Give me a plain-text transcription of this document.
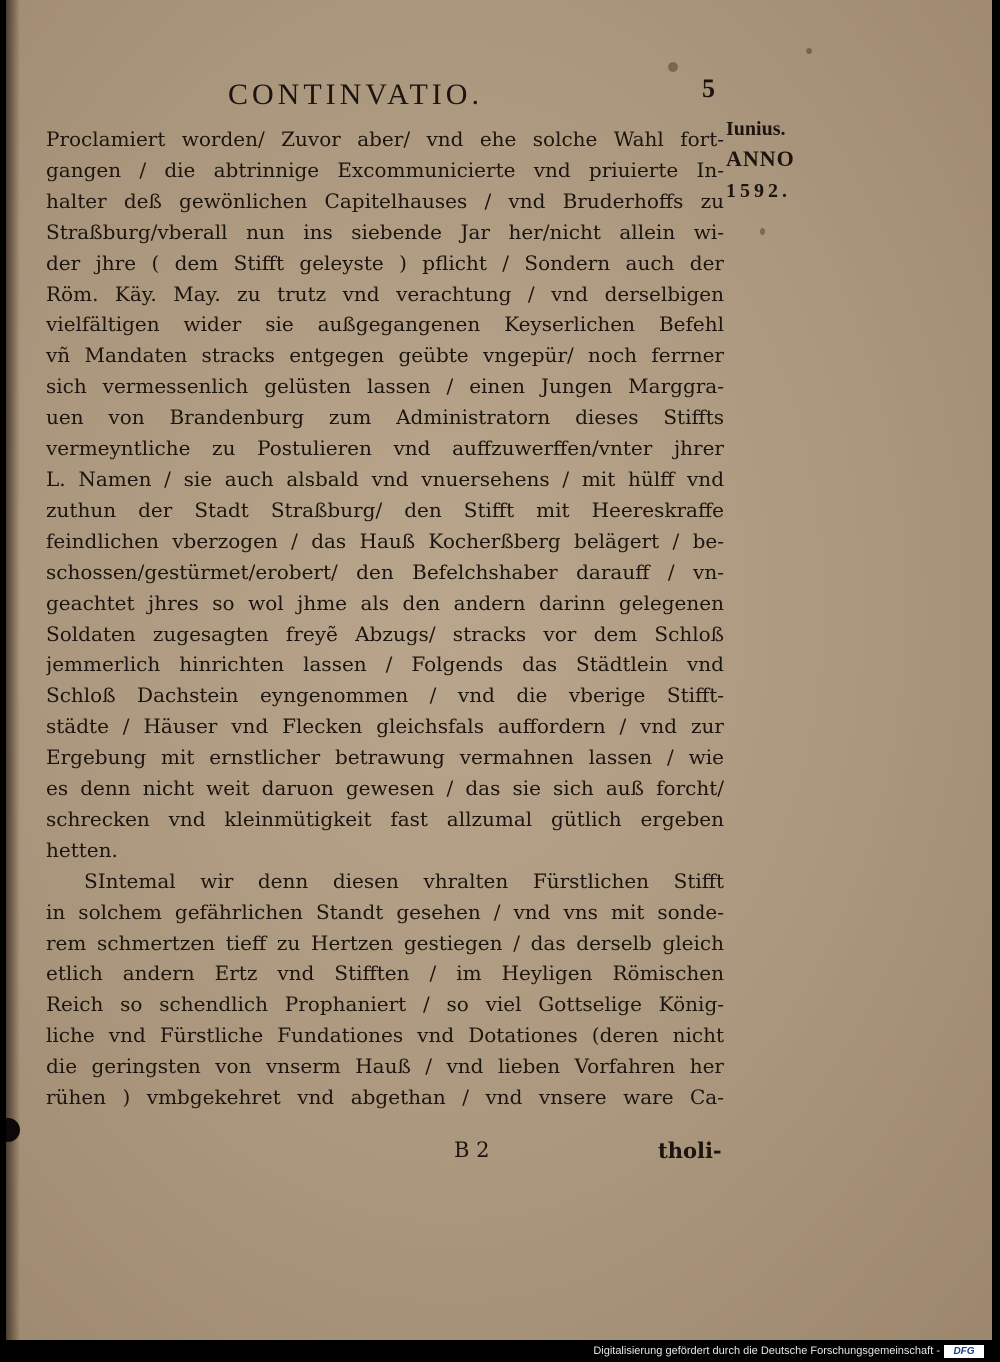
CONTINVATIO.	5
Iunius.
ANNO
1592.
Proclamiert worden/ Zuvor aber/ vnd ehe solche Wahl fort-
gangen / die abtrinnige Excommunicierte vnd priuierte In-
halter deß gewönlichen Capitelhauses / vnd Bruderhoffs zu
Straßburg/vberall nun ins siebende Jar her/nicht allein wi-
der jhre ( dem Stifft geleyste ) pflicht / Sondern auch der
Röm. Käy. May. zu trutz vnd verachtung / vnd derselbigen
vielfältigen wider sie außgegangenen Keyserlichen Befehl
vñ Mandaten stracks entgegen geübte vngepür/ noch ferrner
sich vermessenlich gelüsten lassen / einen Jungen Marggra-
uen von Brandenburg zum Administratorn dieses Stiffts
vermeyntliche zu Postulieren vnd auffzuwerffen/vnter jhrer
L. Namen / sie auch alsbald vnd vnuersehens / mit hülff vnd
zuthun der Stadt Straßburg/ den Stifft mit Heereskraffe
feindlichen vberzogen / das Hauß Kocherßberg belägert / be-
schossen/gestürmet/erobert/ den Befelchshaber darauff / vn-
geachtet jhres so wol jhme als den andern darinn gelegenen
Soldaten zugesagten freyẽ Abzugs/ stracks vor dem Schloß
jemmerlich hinrichten lassen / Folgends das Städtlein vnd
Schloß Dachstein eyngenommen / vnd die vberige Stifft-
städte / Häuser vnd Flecken gleichsfals auffordern / vnd zur
Ergebung mit ernstlicher betrawung vermahnen lassen / wie
es denn nicht weit daruon gewesen / das sie sich auß forcht/
schrecken vnd kleinmütigkeit fast allzumal gütlich ergeben
hetten.
SIntemal wir denn diesen vhralten Fürstlichen Stifft
in solchem gefährlichen Standt gesehen / vnd vns mit sonde-
rem schmertzen tieff zu Hertzen gestiegen / das derselb gleich
etlich andern Ertz vnd Stifften / im Heyligen Römischen
Reich so schendlich Prophaniert / so viel Gottselige König-
liche vnd Fürstliche Fundationes vnd Dotationes (deren nicht
die geringsten von vnserm Hauß / vnd lieben Vorfahren her
rühen ) vmbgekehret vnd abgethan / vnd vnsere ware Ca-
B 2	tholi-
Digitalisierung gefördert durch die Deutsche Forschungsgemeinschaft -	DFG
